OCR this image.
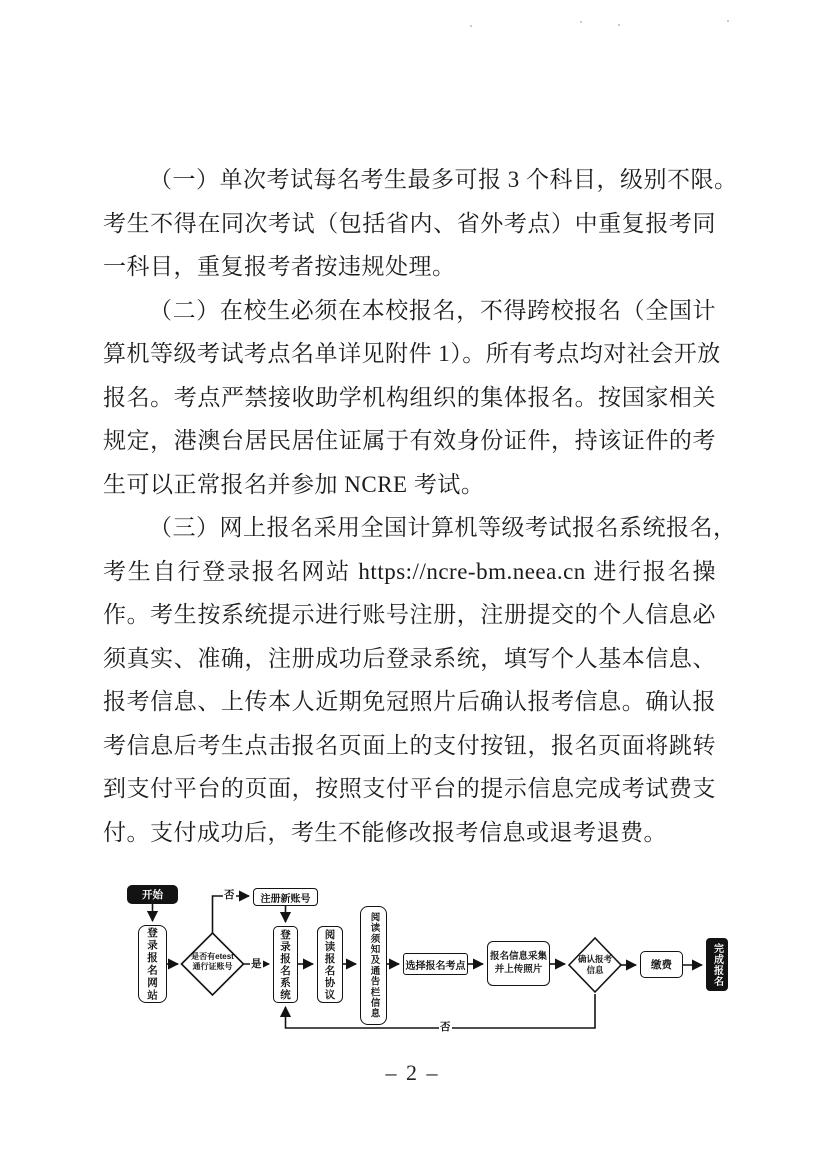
（一）单次考试每名考生最多可报 3 个科目，级别不限。
考生不得在同次考试（包括省内、省外考点）中重复报考同
一科目，重复报考者按违规处理。
（二）在校生必须在本校报名，不得跨校报名（全国计
算机等级考试考点名单详见附件 1）。所有考点均对社会开放
报名。考点严禁接收助学机构组织的集体报名。按国家相关
规定，港澳台居民居住证属于有效身份证件，持该证件的考
生可以正常报名并参加 NCRE 考试。
（三）网上报名采用全国计算机等级考试报名系统报名，
考生自行登录报名网站 https://ncre-bm.neea.cn 进行报名操
作。考生按系统提示进行账号注册，注册提交的个人信息必
须真实、准确，注册成功后登录系统，填写个人基本信息、
报考信息、上传本人近期免冠照片后确认报考信息。确认报
考信息后考生点击报名页面上的支付按钮，报名页面将跳转
到支付平台的页面，按照支付平台的提示信息完成考试费支
付。支付成功后，考生不能修改报考信息或退考退费。
开始
登录报名网站	是否有etest
通行证账号
注册新账号
登录报名系统	阅读报名协议	阅读须知及通告栏信息	选择报名考点
报名信息采集
并上传照片
确认报考
信息	缴费	完成报名
否
是
否
– 2 –
